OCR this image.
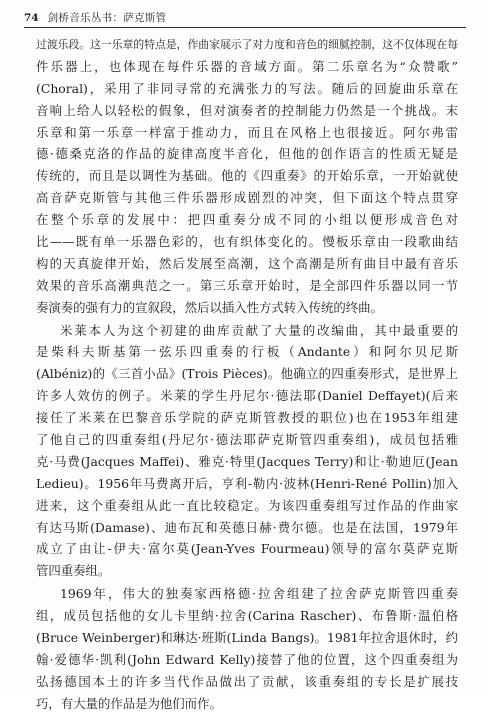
74 剑桥音乐丛书：萨克斯管

过渡乐段。这一乐章的特点是，作曲家展示了对力度和音色的细腻控制，这不仅体现在每

件乐器上，也体现在每件乐器的音域方面。第二乐章名为“众赞歌”

(Choral)，采用了非同寻常的充满张力的写法。随后的回旋曲乐章在

音响上给人以轻松的假象，但对演奏者的控制能力仍然是一个挑战。末

乐章和第一乐章一样富于推动力，而且在风格上也很接近。阿尔弗雷

德·德桑克洛的作品的旋律高度半音化，但他的创作语言的性质无疑是

传统的，而且是以调性为基础。他的《四重奏》的开始乐章，一开始就使

高音萨克斯管与其他三件乐器形成剧烈的冲突，但下面这个特点贯穿

在整个乐章的发展中：把四重奏分成不同的小组以便形成音色对

比——既有单一乐器色彩的，也有织体变化的。慢板乐章由一段歌曲结

构的天真旋律开始，然后发展至高潮，这个高潮是所有曲目中最有音乐

效果的音乐高潮典范之一。第三乐章开始时，是全部四件乐器以同一节

奏演奏的强有力的宣叙段，然后以插入性方式转入传统的终曲。

米莱本人为这个初建的曲库贡献了大量的改编曲，其中最重要的

是柴科夫斯基第一弦乐四重奏的行板（Andante）和阿尔贝尼斯

(Albéniz)的《三首小品》(Trois Pièces)。他确立的四重奏形式，是世界上

许多人效仿的例子。米莱的学生丹尼尔·德法耶(Daniel Deffayet)(后来

接任了米莱在巴黎音乐学院的萨克斯管教授的职位)也在1953年组建

了他自己的四重奏组(丹尼尔·德法耶萨克斯管四重奏组)，成员包括雅

克·马费(Jacques Maffei)、雅克·特里(Jacques Terry)和让·勒迪厄(Jean

Ledieu)。1956年马费离开后，亨利-勒内·波林(Henri-René Pollin)加入

进来，这个重奏组从此一直比较稳定。为该四重奏组写过作品的作曲家

有达马斯(Damase)、迪布瓦和英德日赫·费尔德。也是在法国，1979年

成立了由让-伊夫·富尔莫(Jean-Yves Fourmeau)领导的富尔莫萨克斯

管四重奏组。

1969年，伟大的独奏家西格德·拉舍组建了拉舍萨克斯管四重奏

组，成员包括他的女儿卡里纳·拉舍(Carina Rascher)、布鲁斯·温伯格

(Bruce Weinberger)和琳达·班斯(Linda Bangs)。1981年拉舍退休时，约

翰·爱德华·凯利(John Edward Kelly)接替了他的位置，这个四重奏组为

弘扬德国本土的许多当代作品做出了贡献，该重奏组的专长是扩展技

巧，有大量的作品是为他们而作。
